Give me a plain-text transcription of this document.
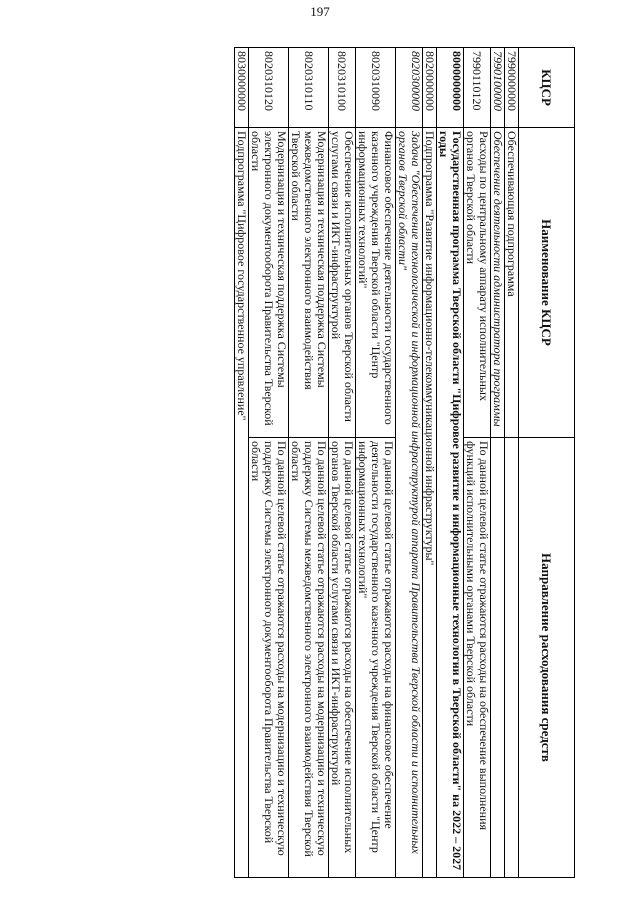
197
КЦСР	Наименование КЦСР	Направление расходования средств
7990000000	Обеспечивающая подпрограмма	
7990100000	Обеспечение деятельности администратора программы	
7990110120	Расходы по центральному аппарату исполнительных органов Тверской области	По данной целевой статье отражаются расходы на обеспечение выполнения функций исполнительными органами Тверской области
8000000000	Государственная программа Тверской области "Цифровое развитие и информационные технологии в Тверской области" на 2022 – 2027 годы	
8020000000	Подпрограмма "Развитие информационно-телекоммуникационной инфраструктуры"	
8020300000	Задача "Обеспечение технологической и информационной инфраструктурой аппарата Правительства Тверской области и исполнительных органов Тверской области"	
8020310090	Финансовое обеспечение деятельности государственного казенного учреждения Тверской области "Центр информационных технологий"	По данной целевой статье отражаются расходы на финансовое обеспечение деятельности государственного казенного учреждения Тверской области "Центр информационных технологий"
8020310100	Обеспечение исполнительных органов Тверской области услугами связи и ИКТ-инфраструктурой	По данной целевой статье отражаются расходы на обеспечение исполнительных органов Тверской области услугами связи и ИКТ-инфраструктурой
8020310110	Модернизация и техническая поддержка Системы межведомственного электронного взаимодействия Тверской области	По данной целевой статье отражаются расходы на модернизацию и техническую поддержку Системы межведомственного электронного взаимодействия Тверской области
8020310120	Модернизация и техническая поддержка Системы электронного документооборота Правительства Тверской области	По данной целевой статье отражаются расходы на модернизацию и техническую поддержку Системы электронного документооборота Правительства Тверской области
8030000000	Подпрограмма "Цифровое государственное управление"	
